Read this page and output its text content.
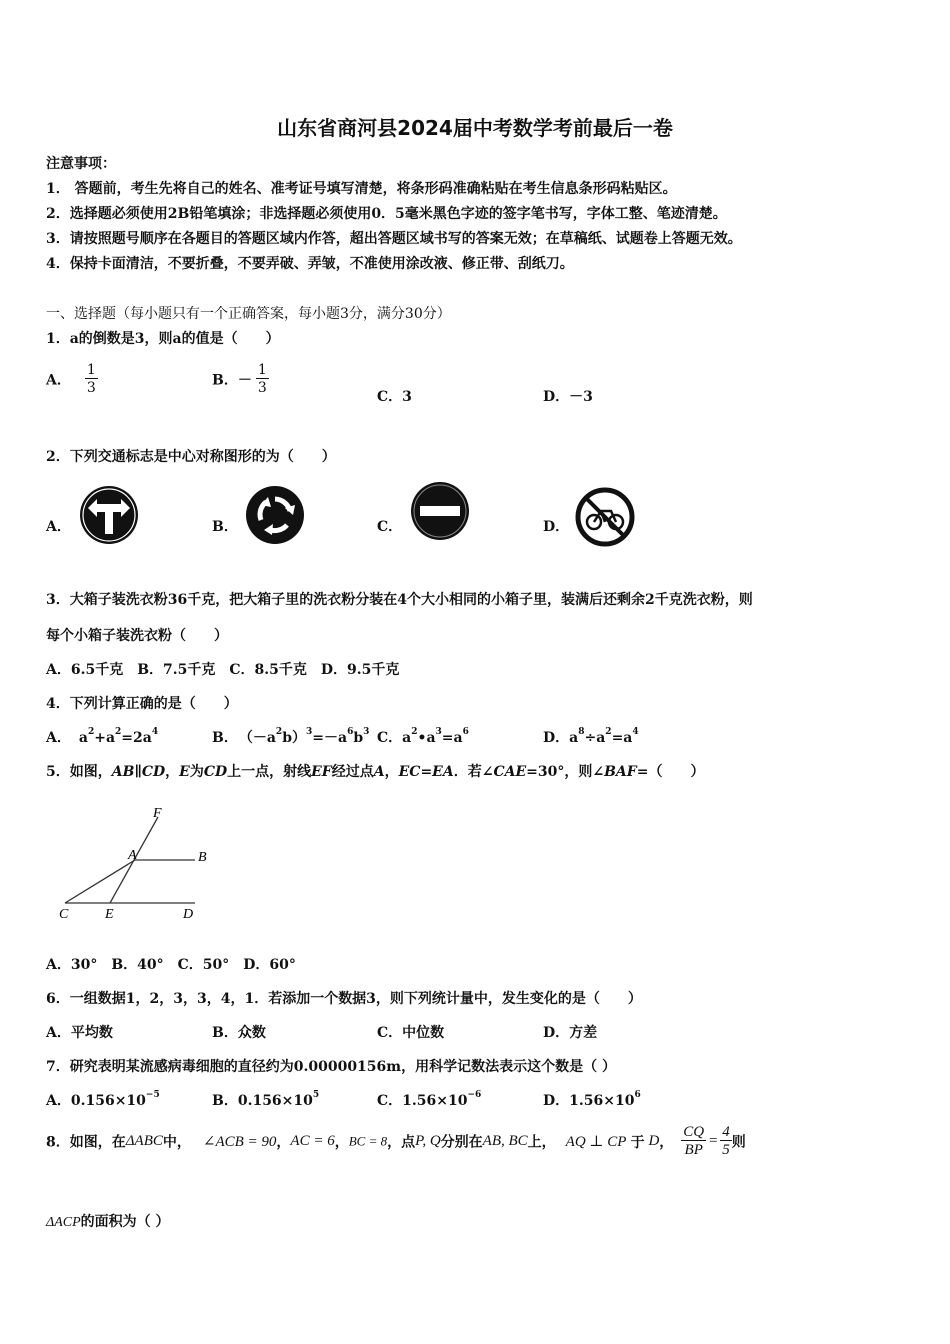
山东省商河县2024届中考数学考前最后一卷
注意事项：
1． 答题前，考生先将自己的姓名、准考证号填写清楚，将条形码准确粘贴在考生信息条形码粘贴区。
2．选择题必须使用2B铅笔填涂；非选择题必须使用0．5毫米黑色字迹的签字笔书写，字体工整、笔迹清楚。
3．请按照题号顺序在各题目的答题区域内作答，超出答题区域书写的答案无效；在草稿纸、试题卷上答题无效。
4．保持卡面清洁，不要折叠，不要弄破、弄皱，不准使用涂改液、修正带、刮纸刀。
一、选择题（每小题只有一个正确答案，每小题3分，满分30分）
1．a的倒数是3，则a的值是（　　）
A． $\frac{1}{3}$	B．－ $\frac{1}{3}$	C．3	D．－3
2．下列交通标志是中心对称图形的为（　　）
A．	B．	C．	D．
3．大箱子装洗衣粉36千克，把大箱子里的洗衣粉分装在4个大小相同的小箱子里，装满后还剩余2千克洗衣粉，则
每个小箱子装洗衣粉（　　）
A．6.5千克　B．7.5千克　C．8.5千克　D．9.5千克
4．下列计算正确的是（　　）
A． $a^2+a^2=2a^4$	B． $(-a^2b)^3=-a^6b^3$ C．$a^2•a^3=a^6$	D．$a^8\div a^2=a^4$
5．如图，AB∥CD，E为CD上一点，射线EF经过点A，EC=EA．若∠CAE=30°，则∠BAF=（　　）
F
A	B
C	E	D
A．30°　B．40°　C．50°　D．60°
6．一组数据1，2，3，3，4，1．若添加一个数据3，则下列统计量中，发生变化的是（　　）
A．平均数	B．众数	C．中位数	D．方差
7．研究表明某流感病毒细胞的直径约为0.00000156m，用科学记数法表示这个数是（ ）
A．$0.156\times 10^{-5}$	B．$0.156\times 10^5$	C．$1.56\times 10^{-6}$	D．$1.56\times 10^6$
8．如图，在ΔABC中， ∠ACB = 90，AC = 6，BC = 8，点P, Q分别在AB, BC上， AQ ⊥ CP 于 D， $\frac{CQ}{BP} = \frac{4}{5}$ 则
ΔACP的面积为（ ）
